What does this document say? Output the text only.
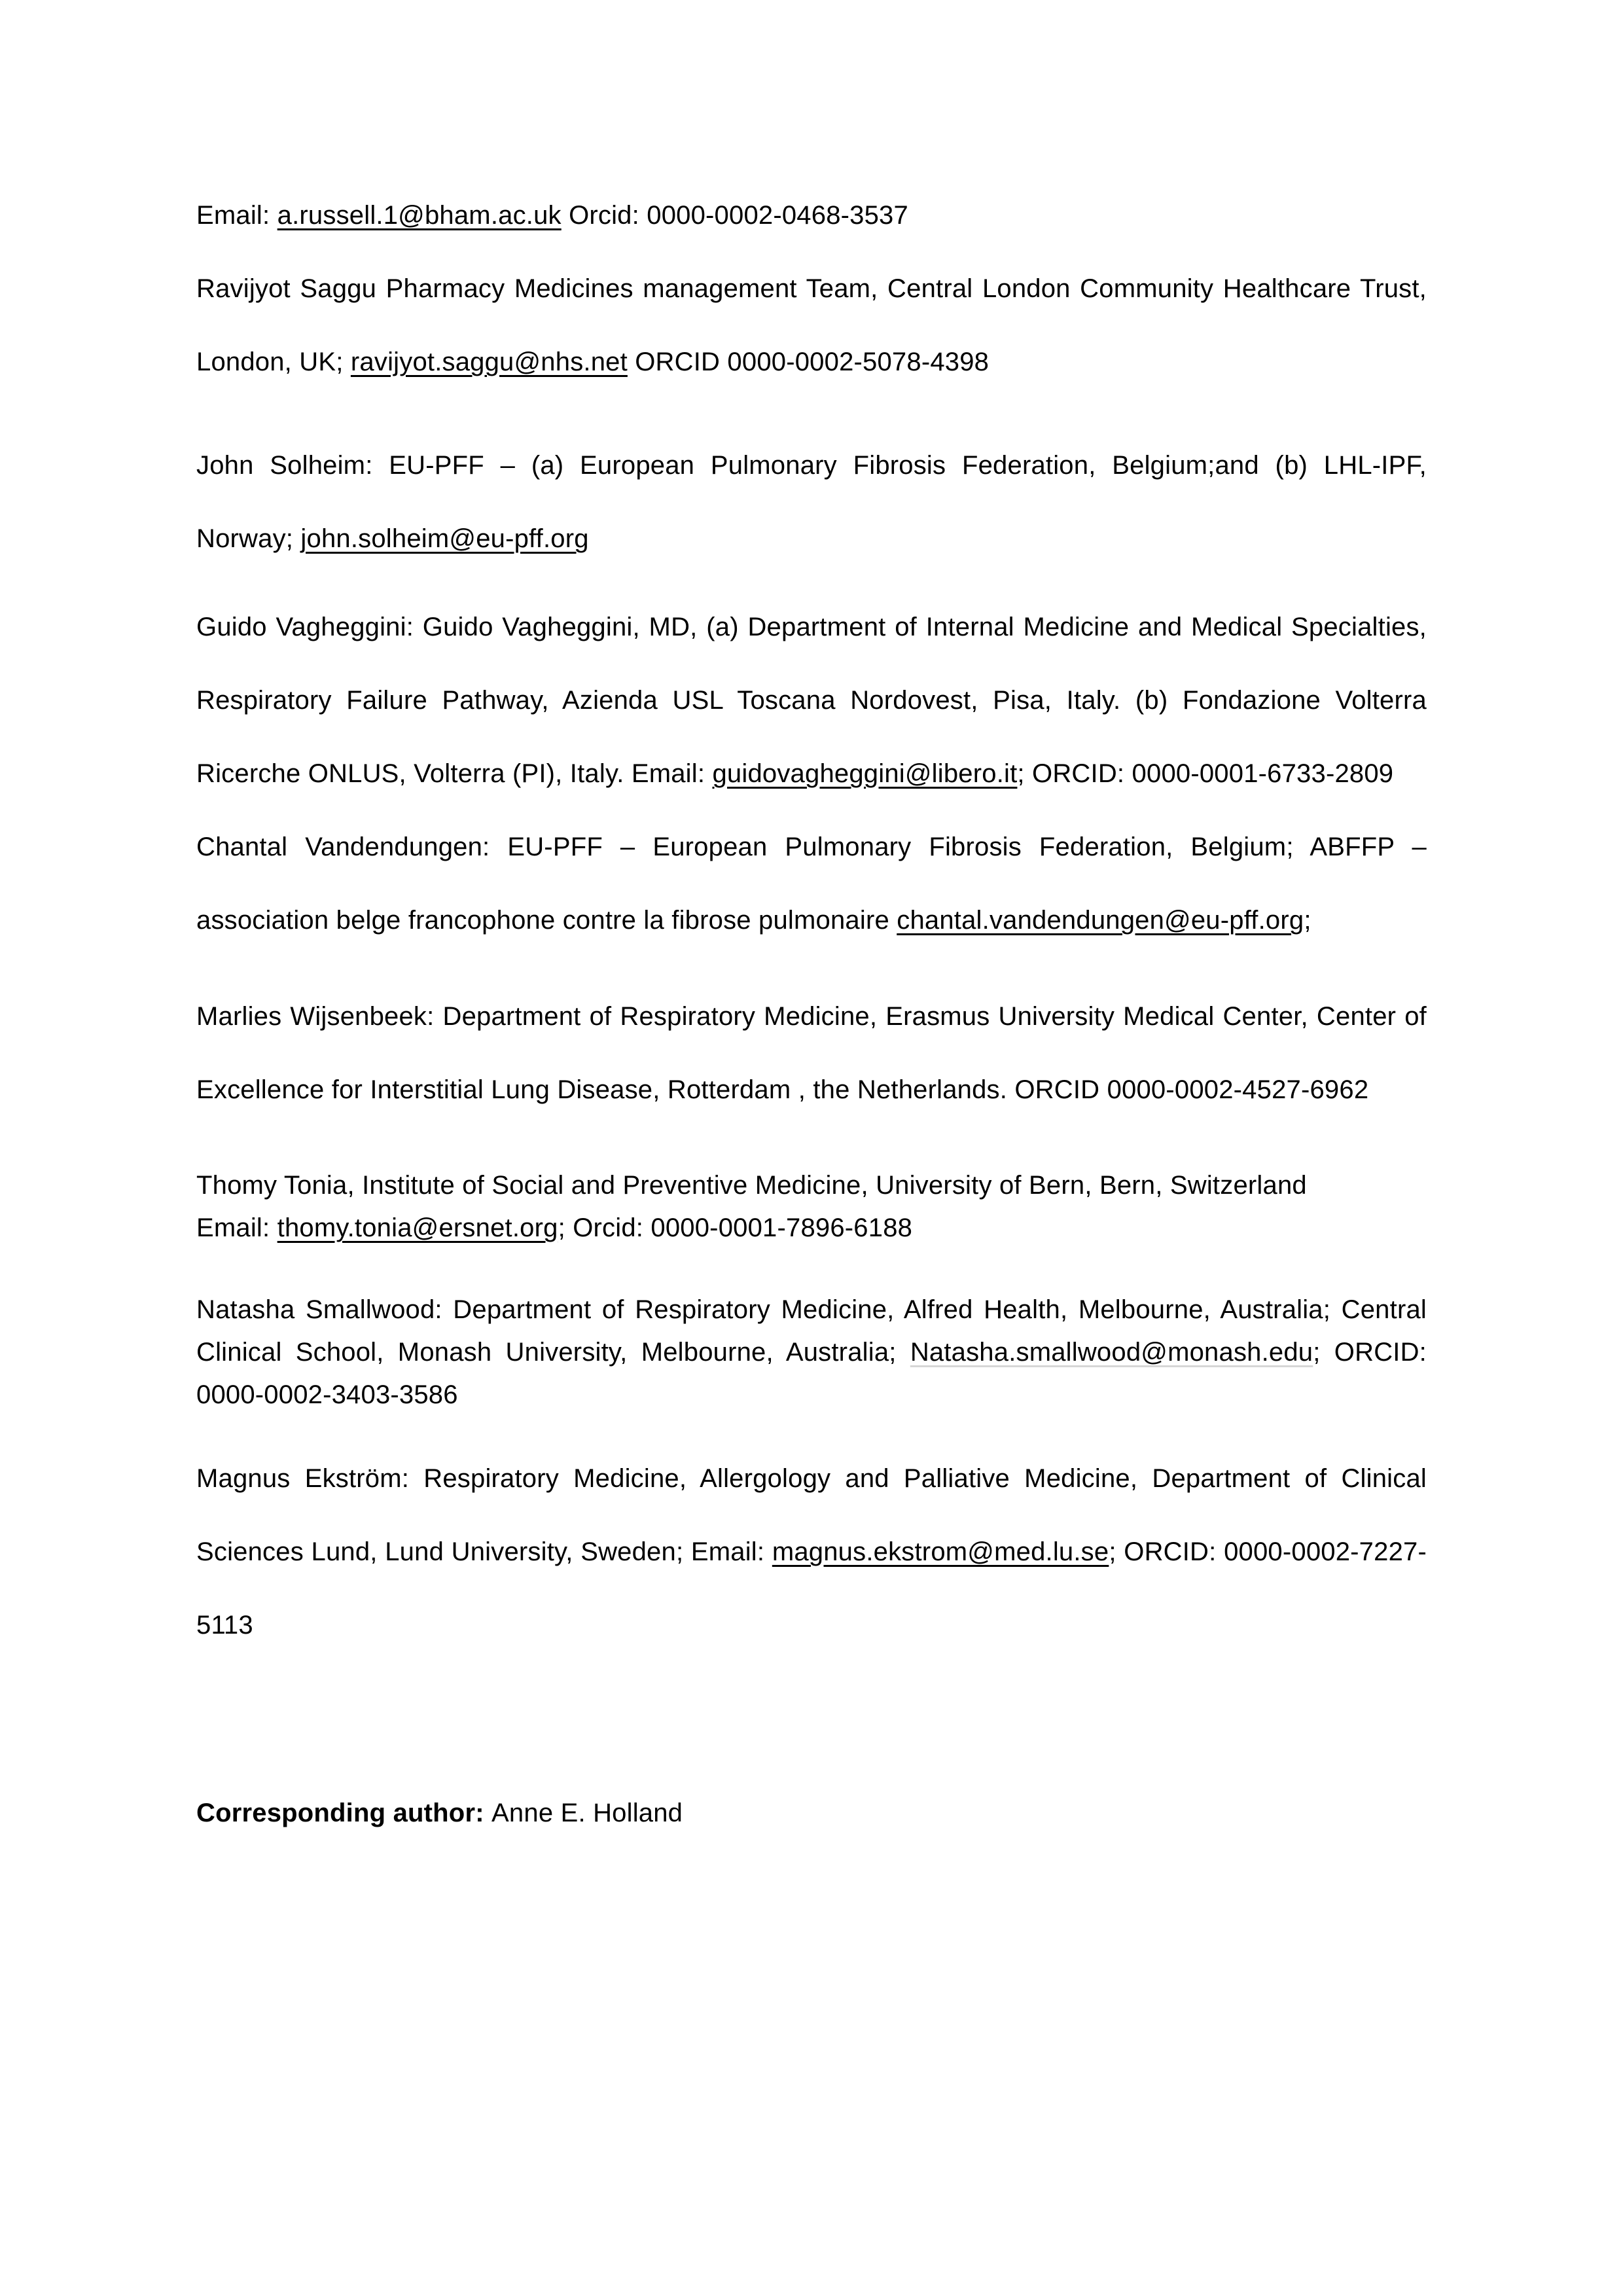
Email: a.russell.1@bham.ac.uk Orcid: 0000-0002-0468-3537

Ravijyot Saggu Pharmacy Medicines management Team, Central London Community Healthcare Trust, London, UK; ravijyot.saggu@nhs.net ORCID 0000-0002-5078-4398

John Solheim: EU-PFF – (a) European Pulmonary Fibrosis Federation, Belgium;and (b) LHL-IPF, Norway; john.solheim@eu-pff.org

Guido Vagheggini: Guido Vagheggini, MD, (a) Department of Internal Medicine and Medical Specialties, Respiratory Failure Pathway, Azienda USL Toscana Nordovest, Pisa, Italy. (b) Fondazione Volterra Ricerche ONLUS, Volterra (PI), Italy. Email: guidovagheggini@libero.it; ORCID: 0000-0001-6733-2809

Chantal Vandendungen: EU-PFF – European Pulmonary Fibrosis Federation, Belgium; ABFFP – association belge francophone contre la fibrose pulmonaire chantal.vandendungen@eu-pff.org;

Marlies Wijsenbeek: Department of Respiratory Medicine, Erasmus University Medical Center, Center of Excellence for Interstitial Lung Disease, Rotterdam , the Netherlands. ORCID 0000-0002-4527-6962

Thomy Tonia, Institute of Social and Preventive Medicine, University of Bern, Bern, Switzerland
Email: thomy.tonia@ersnet.org; Orcid: 0000-0001-7896-6188

Natasha Smallwood: Department of Respiratory Medicine, Alfred Health, Melbourne, Australia; Central Clinical School, Monash University, Melbourne, Australia; Natasha.smallwood@monash.edu; ORCID: 0000-0002-3403-3586

Magnus Ekström: Respiratory Medicine, Allergology and Palliative Medicine, Department of Clinical Sciences Lund, Lund University, Sweden; Email: magnus.ekstrom@med.lu.se; ORCID: 0000-0002-7227-5113

Corresponding author: Anne E. Holland
